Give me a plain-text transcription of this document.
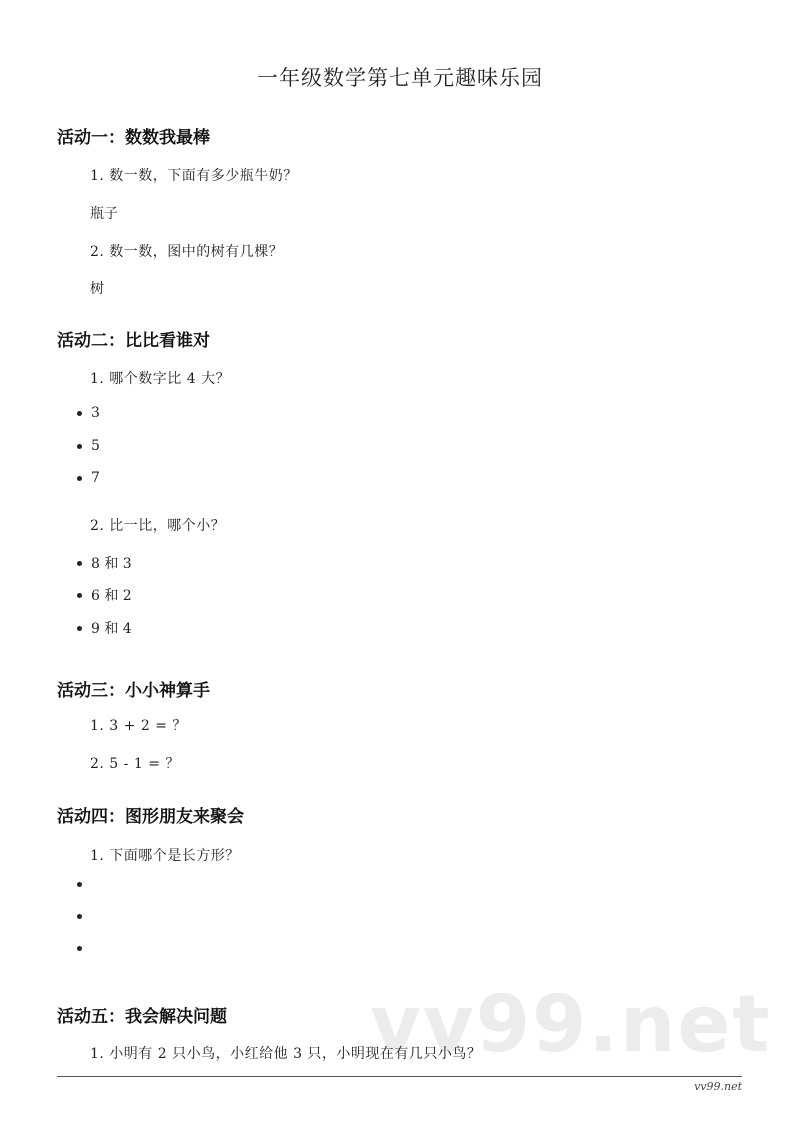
一年级数学第七单元趣味乐园
活动一：数数我最棒

1. 数一数，下面有多少瓶牛奶？

瓶子

2. 数一数，图中的树有几棵？

树

活动二：比比看谁对

1. 哪个数字比 4 大？

3
5
7

2. 比一比，哪个小？

8 和 3
6 和 2
9 和 4
活动三：小小神算手

1. 3 + 2 = ？

2. 5 - 1 = ？

活动四：图形朋友来聚会

1. 下面哪个是长方形？

vv99.net
活动五：我会解决问题

1. 小明有 2 只小鸟，小红给他 3 只，小明现在有几只小鸟？

vv99.net
